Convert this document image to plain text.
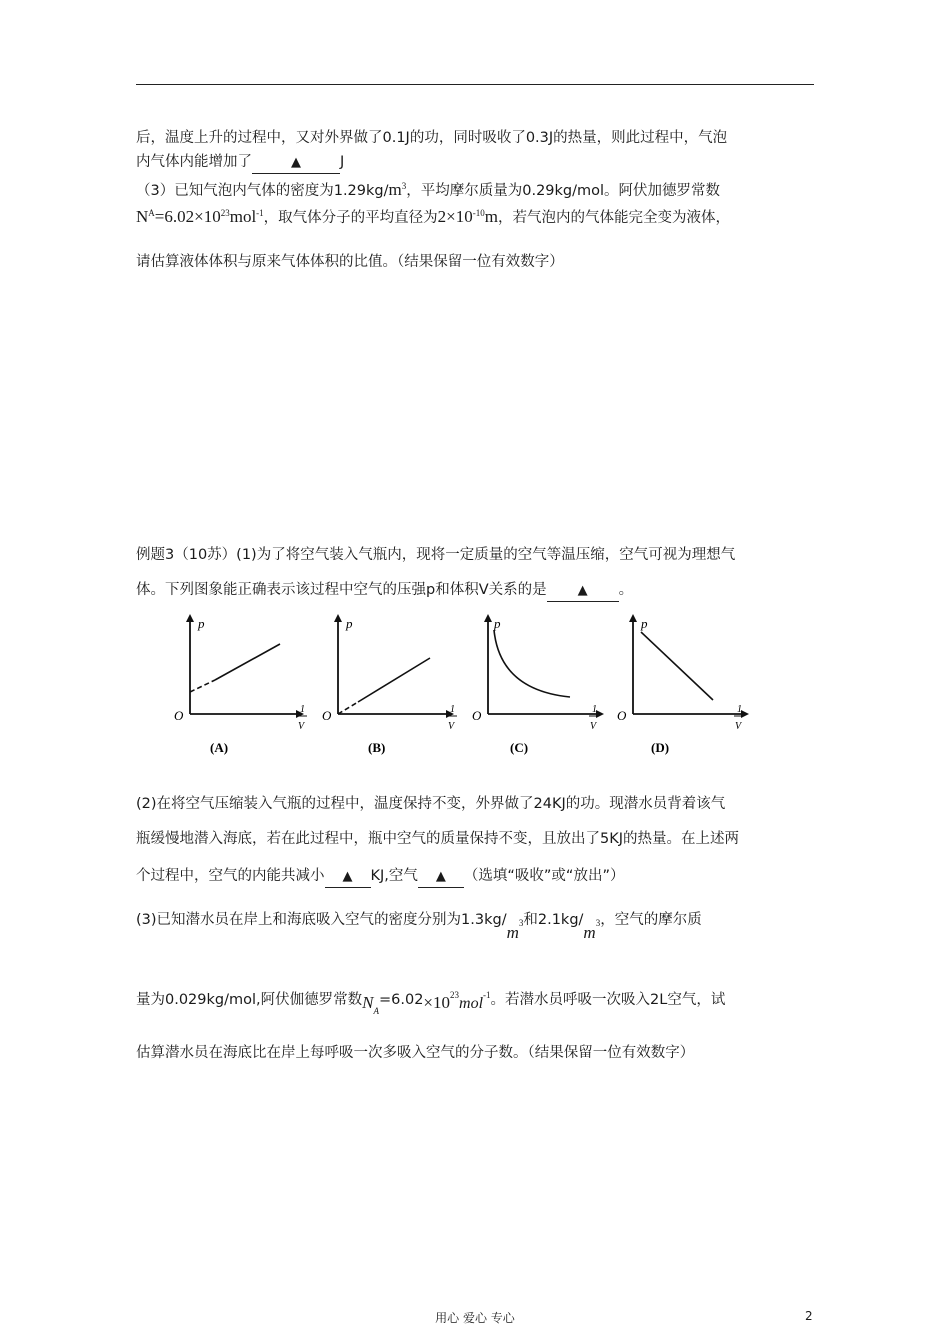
后，温度上升的过程中，又对外界做了0.1J的功，同时吸收了0.3J的热量，则此过程中，气泡
内气体内能增加了	▲	J
（3）已知气泡内气体的密度为$1.29kg/m^3$，平均摩尔质量为0.29kg/mol。阿伏加德罗常数
$N^A=6.02\times 10^{23}mol^{-1}$，取气体分子的平均直径为$2\times 10^{-10}m$，若气泡内的气体能完全变为液体，
请估算液体体积与原来气体体积的比值。（结果保留一位有效数字）
例题3（10苏）(1)为了将空气装入气瓶内，现将一定质量的空气等温压缩，空气可视为理想气
体。下列图象能正确表示该过程中空气的压强p和体积V关系的是 ▲ 。
p
O	1
V
(A)
p
O	1
V
(B)
p
O	1
V
(C)
p
O	1
V
(D)
(2)在将空气压缩装入气瓶的过程中，温度保持不变，外界做了24KJ的功。现潜水员背着该气
瓶缓慢地潜入海底，若在此过程中，瓶中空气的质量保持不变，且放出了5KJ的热量。在上述两
个过程中，空气的内能共减小 ▲ KJ,空气 ▲ （选填“吸收”或“放出”）
(3)已知潜水员在岸上和海底吸入空气的密度分别为$1.3kg/m^3$和$2.1kg/m^3$，空气的摩尔质
量为0.029kg/mol,阿伏伽德罗常数$N_A=6.02\times 10^{23}mol^{-1}$。若潜水员呼吸一次吸入2L空气，试
估算潜水员在海底比在岸上每呼吸一次多吸入空气的分子数。（结果保留一位有效数字）
用心 爱心 专心	2
